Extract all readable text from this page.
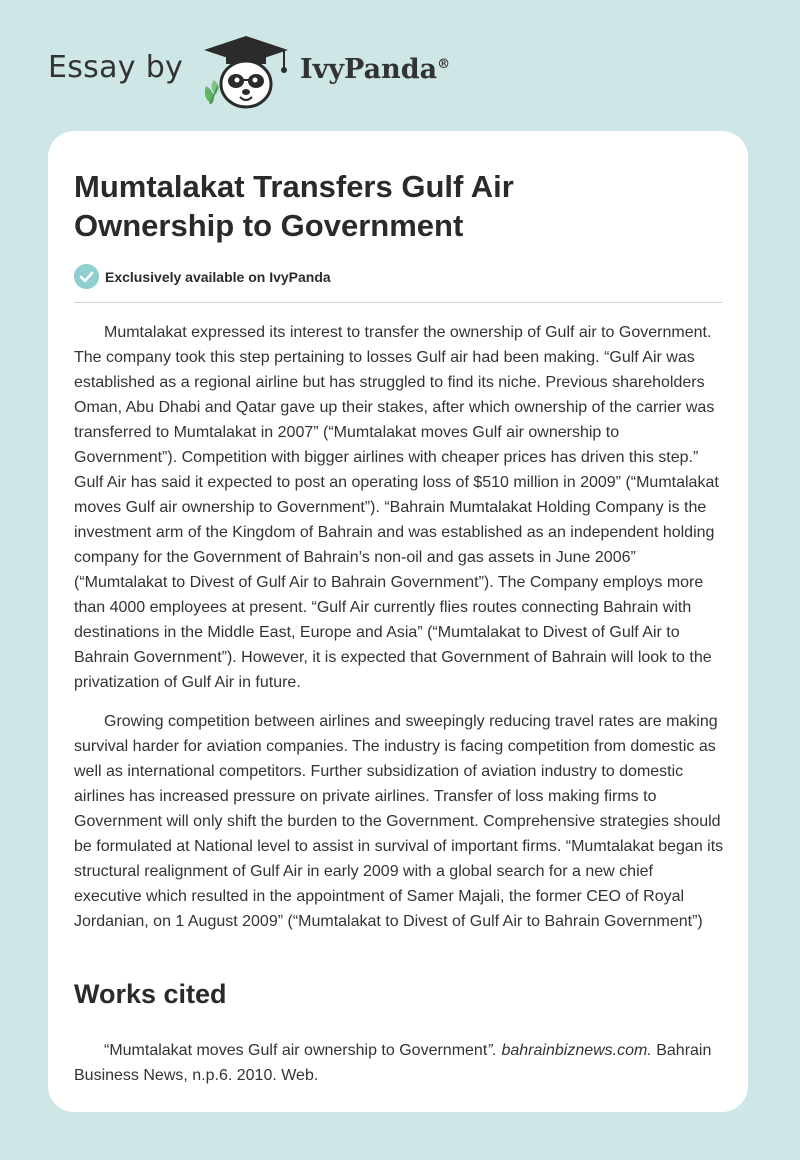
Essay by	IvyPanda®
Mumtalakat Transfers Gulf Air Ownership to Government
Exclusively available on IvyPanda

Mumtalakat expressed its interest to transfer the ownership of Gulf air to Government. The company took this step pertaining to losses Gulf air had been making. “Gulf Air was established as a regional airline but has struggled to find its niche. Previous shareholders Oman, Abu Dhabi and Qatar gave up their stakes, after which ownership of the carrier was transferred to Mumtalakat in 2007” (“Mumtalakat moves Gulf air ownership to Government”). Competition with bigger airlines with cheaper prices has driven this step.” Gulf Air has said it expected to post an operating loss of $510 million in 2009” (“Mumtalakat moves Gulf air ownership to Government”). “Bahrain Mumtalakat Holding Company is the investment arm of the Kingdom of Bahrain and was established as an independent holding company for the Government of Bahrain’s non-oil and gas assets in June 2006” (“Mumtalakat to Divest of Gulf Air to Bahrain Government”). The Company employs more than 4000 employees at present. “Gulf Air currently flies routes connecting Bahrain with destinations in the Middle East, Europe and Asia” (“Mumtalakat to Divest of Gulf Air to Bahrain Government”). However, it is expected that Government of Bahrain will look to the privatization of Gulf Air in future.

Growing competition between airlines and sweepingly reducing travel rates are making survival harder for aviation companies. The industry is facing competition from domestic as well as international competitors. Further subsidization of aviation industry to domestic airlines has increased pressure on private airlines. Transfer of loss making firms to Government will only shift the burden to the Government. Comprehensive strategies should be formulated at National level to assist in survival of important firms. “Mumtalakat began its structural realignment of Gulf Air in early 2009 with a global search for a new chief executive which resulted in the appointment of Samer Majali, the former CEO of Royal Jordanian, on 1 August 2009” (“Mumtalakat to Divest of Gulf Air to Bahrain Government”)

Works cited

“Mumtalakat moves Gulf air ownership to Government”. bahrainbiznews.com. Bahrain Business News, n.p.6. 2010. Web.
